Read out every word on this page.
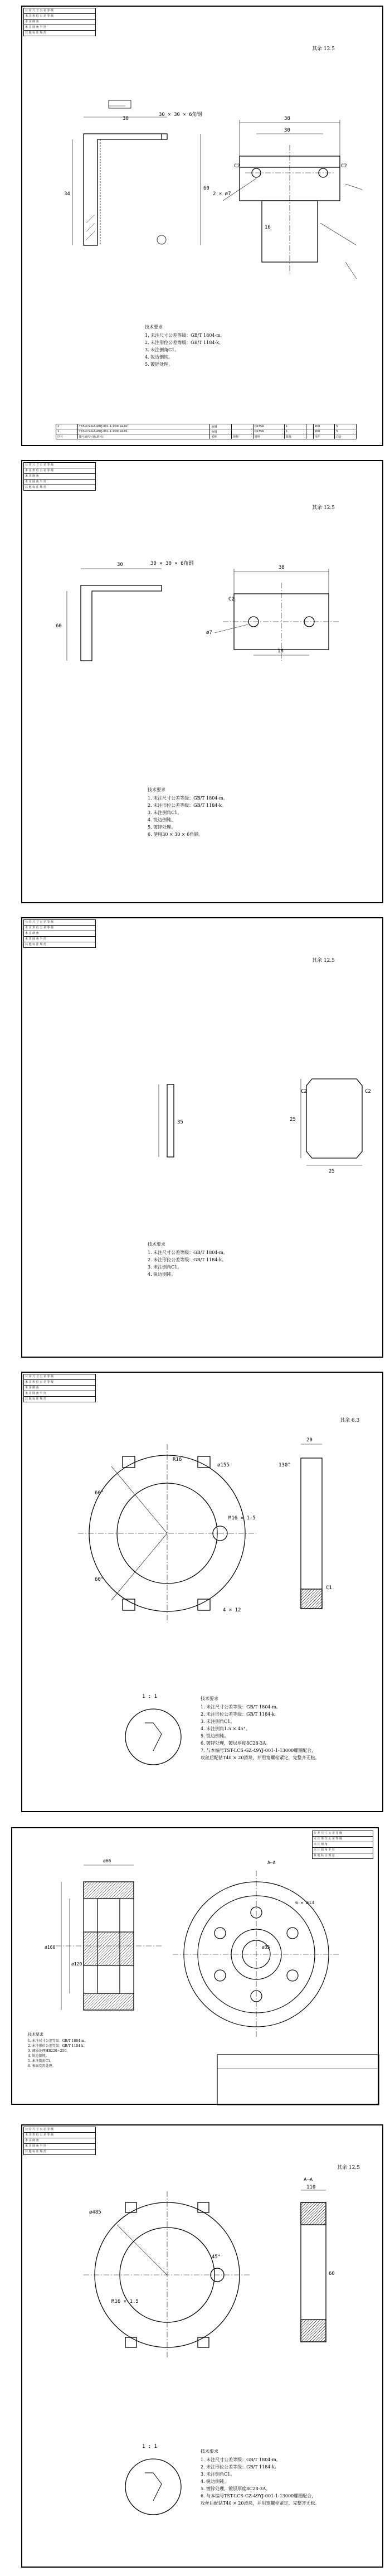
公 差 尺 寸 公 差 等 级
未 注 形 位 公 差 等 级
未 注 倒 角
未 注 圆 角 半 径
其 他 标 注 规 范
其余 12.5
30 × 30 × 6角钢
38
30
C2	C2
2 × ø7
16
60
34
30
技术要求
1. 未注尺寸公差等级：GB/T 1804-m。
2. 未注形位公差等级：GB/T 1184-k。
3. 未注倒角C1。
4. 锐边倒钝。
5. 镀锌处理。
2	TST-LCS-GZ-49YJ-001-1-13001A-02	角钢		Q235A	1		200	5
1	TST-LCS-GZ-49YJ-001-1-13001A-01	角钢		Q235A	1		200	5
序号	图号或代号(标准号)	名称	规格	材料	数量		单件	总计
公 差 尺 寸 公 差 等 级
未 注 形 位 公 差 等 级
未 注 倒 角
未 注 圆 角 半 径
其 他 标 注 规 范
其余 12.5
30 × 30 × 6角钢
38
30
C2
16
ø7
60
技术要求
1. 未注尺寸公差等级：GB/T 1804-m。
2. 未注形位公差等级：GB/T 1184-k。
3. 未注倒角C1。
4. 锐边倒钝。
5. 镀锌处理。
6. 使用30 × 30 × 6角钢。
公 差 尺 寸 公 差 等 级
未 注 形 位 公 差 等 级
未 注 倒 角
未 注 圆 角 半 径
其 他 标 注 规 范
其余 12.5
35
C2	C2
25
25
技术要求
1. 未注尺寸公差等级：GB/T 1804-m。
2. 未注形位公差等级：GB/T 1184-k。
3. 未注倒角C1。
4. 锐边倒钝。
公 差 尺 寸 公 差 等 级
未 注 形 位 公 差 等 级
未 注 倒 角
未 注 圆 角 半 径
其 他 标 注 规 范
其余 6.3
60°
60°
ø155
R16
M16 × 1.5
130°
20
C1
4 × 12
1 : 1	技术要求
1. 未注尺寸公差等级：GB/T 1804-m。
2. 未注形位公差等级：GB/T 1184-k。
3. 未注倒角C1。
4. 未注倒角1.5 × 45°。
5. 锐边倒钝。
6. 镀锌处理，镀层厚度8C28-3A。
7. 与本编号TST-LCS-GZ-49YJ-001-1-13000螺圈配合，
攻丝后配钻T40 × 20滑块，并用宽螺栓紧定，完整齐无松。
公 差 尺 寸 公 差 等 级
未 注 形 位 公 差 等 级
未 注 倒 角
未 注 圆 角 半 径
其 他 标 注 规 范
A—A
ø160
ø120
ø66
ø35
6 × ø13
技术要求
1. 未注尺寸公差等级：GB/T 1804-m。
2. 未注形位公差等级：GB/T 1184-k。
3. 调质处理HB220~250。
4. 锐边倒钝。
5. 未注倒角C1。
6. 表面发黑处理。
公 差 尺 寸 公 差 等 级
未 注 形 位 公 差 等 级
未 注 倒 角
未 注 圆 角 半 径
其 他 标 注 规 范
其余 12.5
A—A
ø485
45°
M16 × 1.5
110
60
1 : 1
技术要求
1. 未注尺寸公差等级：GB/T 1804-m。
2. 未注形位公差等级：GB/T 1184-k。
3. 未注倒角C1。
4. 锐边倒钝。
5. 镀锌处理，镀层厚度8C28-3A。
6. 与本编号TST-LCS-GZ-49YJ-001-1-13000螺圈配合，
攻丝后配钻T40 × 20滑块，并用宽螺栓紧定，完整齐无松。
